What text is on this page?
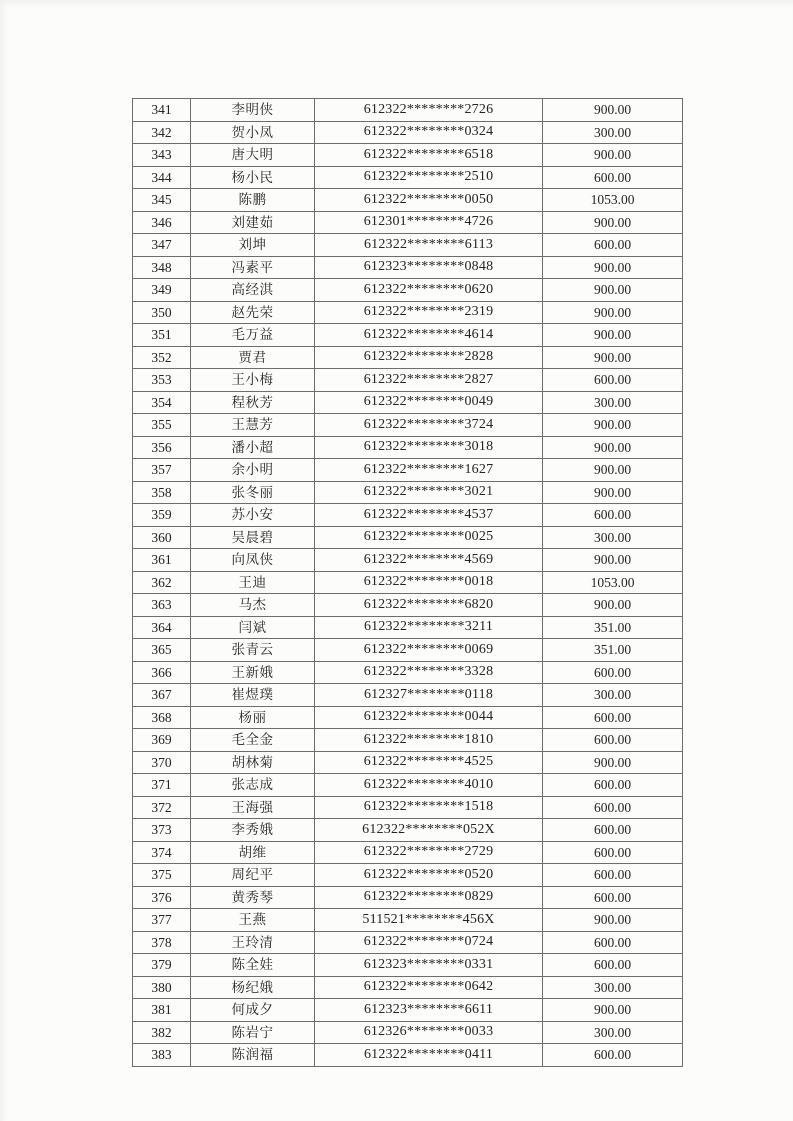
341	李明侠	612322********2726	900.00
342	贺小凤	612322********0324	300.00
343	唐大明	612322********6518	900.00
344	杨小民	612322********2510	600.00
345	陈鹏	612322********0050	1053.00
346	刘建茹	612301********4726	900.00
347	刘坤	612322********6113	600.00
348	冯素平	612323********0848	900.00
349	高经淇	612322********0620	900.00
350	赵先荣	612322********2319	900.00
351	毛万益	612322********4614	900.00
352	贾君	612322********2828	900.00
353	王小梅	612322********2827	600.00
354	程秋芳	612322********0049	300.00
355	王慧芳	612322********3724	900.00
356	潘小超	612322********3018	900.00
357	余小明	612322********1627	900.00
358	张冬丽	612322********3021	900.00
359	苏小安	612322********4537	600.00
360	吴晨碧	612322********0025	300.00
361	向凤侠	612322********4569	900.00
362	王迪	612322********0018	1053.00
363	马杰	612322********6820	900.00
364	闫斌	612322********3211	351.00
365	张青云	612322********0069	351.00
366	王新娥	612322********3328	600.00
367	崔煜璞	612327********0118	300.00
368	杨丽	612322********0044	600.00
369	毛全金	612322********1810	600.00
370	胡林菊	612322********4525	900.00
371	张志成	612322********4010	600.00
372	王海强	612322********1518	600.00
373	李秀娥	612322********052X	600.00
374	胡维	612322********2729	600.00
375	周纪平	612322********0520	600.00
376	黄秀琴	612322********0829	600.00
377	王燕	511521********456X	900.00
378	王玲清	612322********0724	600.00
379	陈全娃	612323********0331	600.00
380	杨纪娥	612322********0642	300.00
381	何成夕	612323********6611	900.00
382	陈岩宁	612326********0033	300.00
383	陈润福	612322********0411	600.00
